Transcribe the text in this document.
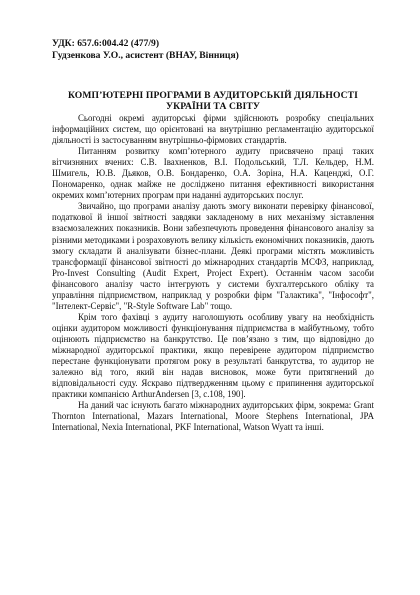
УДК: 657.6:004.42 (477/9)
Гудзенкова У.О., асистент (ВНАУ, Вінниця)
КОМП’ЮТЕРНІ ПРОГРАМИ В АУДИТОРСЬКІЙ ДІЯЛЬНОСТІ УКРАЇНИ ТА СВІТУ

Сьогодні окремі аудиторські фірми здійснюють розробку спеціальних інформаційних систем, що орієнтовані на внутрішню регламентацію аудиторської діяльності із застосуванням внутрішньо-фірмових стандартів.

Питанням розвитку комп’ютерного аудиту присвячено праці таких вітчизняних вчених: С.В. Івахненков, В.І. Подольський, Т.Л. Кельдер, Н.М. Шмигель, Ю.В. Дьяков, О.В. Бондаренко, О.А. Зоріна, Н.А. Каценджі, О.Г. Пономаренко, однак майже не дослідженo питання ефективності використання окремих комп’ютерних програм при наданні аудиторських послуг.

Звичайно, що програми аналізу дають змогу виконати перевірку фінансової, податкової й іншої звітності завдяки закладеному в них механізму зіставлення взаємозалежних показників. Вони забезпечують проведення фінансового аналізу за різними методиками і розраховують велику кількість економічних показників, дають змогу складати й аналізувати бізнес-плани. Деякі програми містять можливість трансформації фінансової звітності до міжнародних стандартів МСФЗ, наприклад, Pro-Invest Consulting (Audit Expert, Project Expert). Останнім часом засоби фінансового аналізу часто інтегрують у системи бухгалтерського обліку та управління підприємством, наприклад у розробки фірм "Галактика", "Інфософт", "Інтелект-Сервіс", "R-Style Software Lab" тощо.

Крім того фахівці з аудиту наголошують особливу увагу на необхідність оцінки аудитором можливості функціонування підприємства в майбутньому, тобто оцінюють підприємство на банкрутство. Це пов’язано з тим, що відповідно до міжнародної аудиторської практики, якщо перевірене аудитором підприємство перестане функціонувати протягом року в результаті банкрутства, то аудитор не залежно від того, який він надав висновок, може бути притягнений до відповідальності суду. Яскраво підтвердженням цьому є припинення аудиторської практики компанією ArthurAndersen [3, с.108, 190].

На даний час існують багато міжнародних аудиторських фірм, зокрема: Grant Thornton International, Mazars International, Moore Stephens International, JPA International, Nexia International, PKF International, Watson Wyatt та інші.
